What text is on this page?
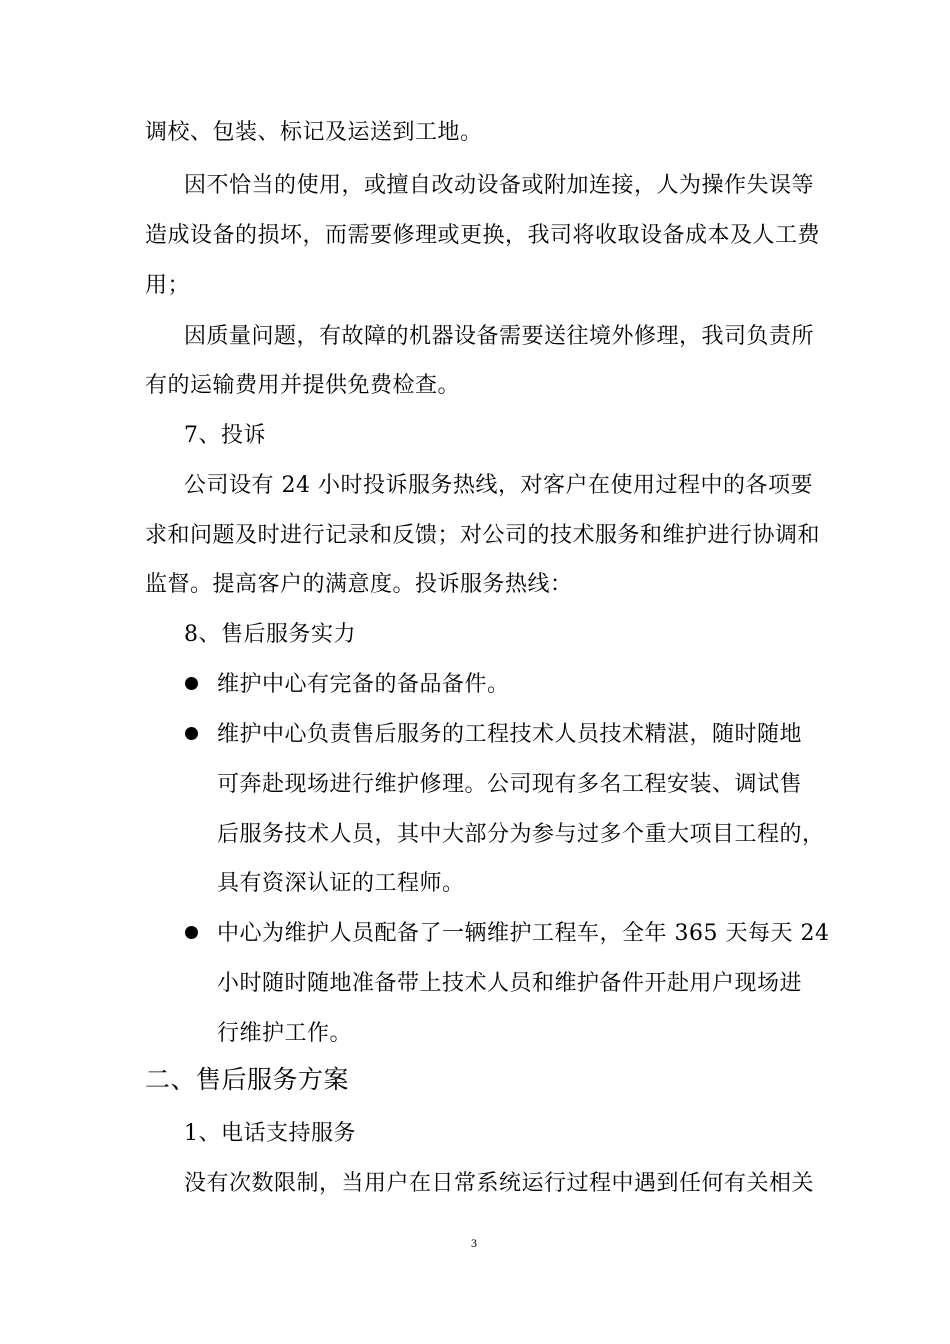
调校、包装、标记及运送到工地。
因不恰当的使用，或擅自改动设备或附加连接，人为操作失误等
造成设备的损坏，而需要修理或更换，我司将收取设备成本及人工费
用；
因质量问题，有故障的机器设备需要送往境外修理，我司负责所
有的运输费用并提供免费检查。
7、投诉
公司设有 24 小时投诉服务热线，对客户在使用过程中的各项要
求和问题及时进行记录和反馈；对公司的技术服务和维护进行协调和
监督。提高客户的满意度。投诉服务热线：
8、售后服务实力
维护中心有完备的备品备件。
维护中心负责售后服务的工程技术人员技术精湛，随时随地
可奔赴现场进行维护修理。公司现有多名工程安装、调试售
后服务技术人员，其中大部分为参与过多个重大项目工程的，
具有资深认证的工程师。
中心为维护人员配备了一辆维护工程车，全年 365 天每天 24
小时随时随地准备带上技术人员和维护备件开赴用户现场进
行维护工作。
二、售后服务方案
1、电话支持服务
没有次数限制，当用户在日常系统运行过程中遇到任何有关相关
3
